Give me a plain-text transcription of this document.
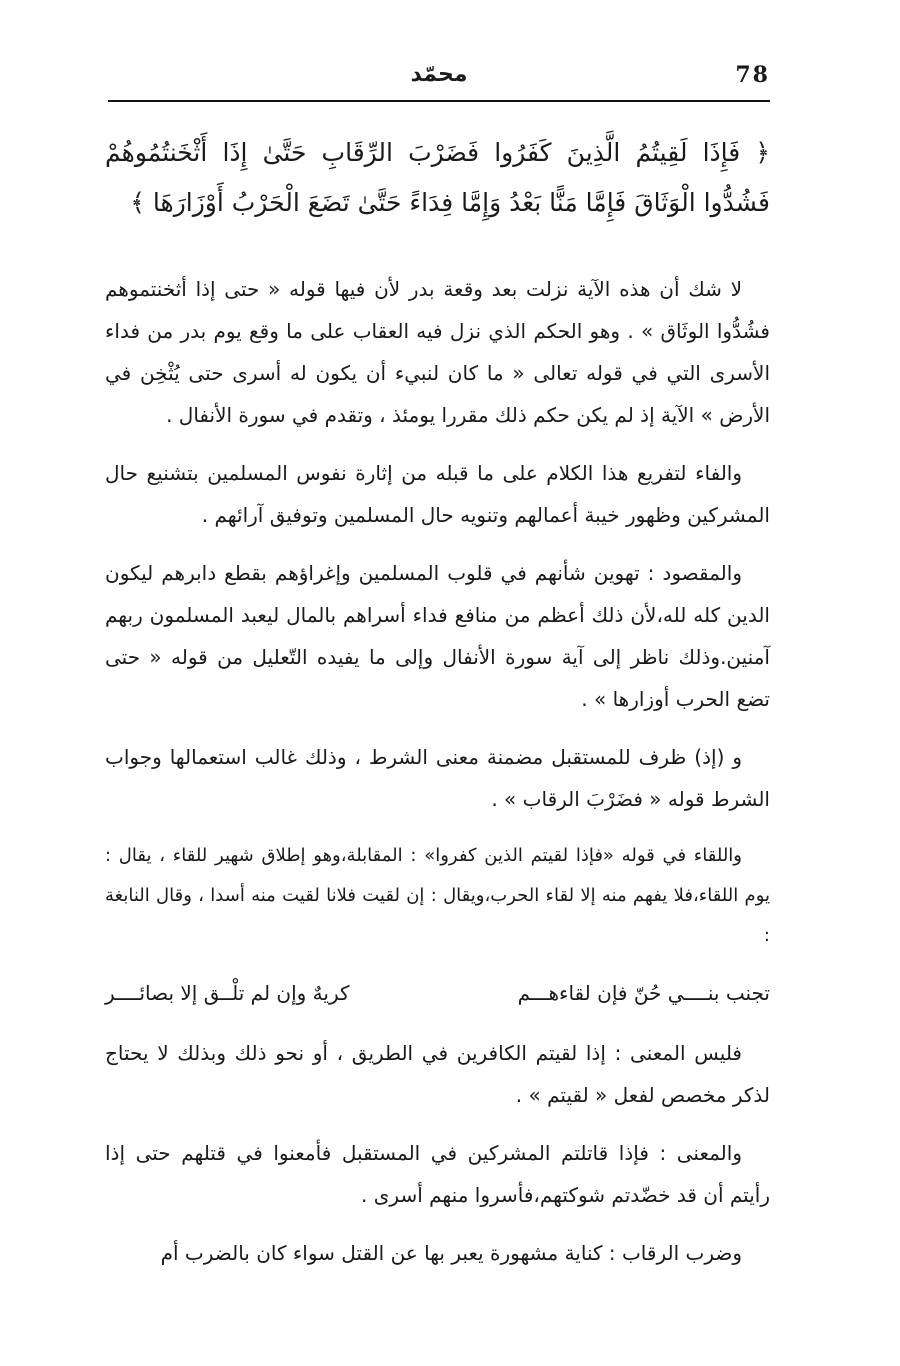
78
محمّد

﴿ فَإِذَا لَقِيتُمُ الَّذِينَ كَفَرُوا فَضَرْبَ الرِّقَابِ حَتَّىٰ إِذَا أَثْخَنتُمُوهُمْ فَشُدُّوا الْوَثَاقَ فَإِمَّا مَنًّا بَعْدُ وَإِمَّا فِدَاءً حَتَّىٰ تَضَعَ الْحَرْبُ أَوْزَارَهَا ﴾

لا شك أن هذه الآية نزلت بعد وقعة بدر لأن فيها قوله « حتى إذا أثخنتموهم فشُدُّوا الوثَاق » . وهو الحكم الذي نزل فيه العقاب على ما وقع يوم بدر من فداء الأسرى التي في قوله تعالى « ما كان لنبيء أن يكون له أسرى حتى يُثْخِن في الأرض » الآية إذ لم يكن حكم ذلك مقررا يومئذ ، وتقدم في سورة الأنفال .

والفاء لتفريع هذا الكلام على ما قبله من إثارة نفوس المسلمين بتشنيع حال المشركين وظهور خيبة أعمالهم وتنويه حال المسلمين وتوفيق آرائهم .

والمقصود : تهوين شأنهم في قلوب المسلمين وإغراؤهم بقطع دابرهم ليكون الدين كله لله،لأن ذلك أعظم من منافع فداء أسراهم بالمال ليعبد المسلمون ربهم آمنين.وذلك ناظر إلى آية سورة الأنفال وإلى ما يفيده التّعليل من قوله « حتى تضع الحرب أوزارها » .

و (إذ) ظرف للمستقبل مضمنة معنى الشرط ، وذلك غالب استعمالها وجواب الشرط قوله « فضَرْبَ الرقاب » .

واللقاء في قوله «فإذا لقيتم الذين كفروا» : المقابلة،وهو إطلاق شهير للقاء ، يقال : يوم اللقاء،فلا يفهم منه إلا لقاء الحرب،ويقال : إن لقيت فلانا لقيت منه أسدا ، وقال النابغة :

تجنب بنــــي حُنّ فإن لقاءهـــم
كريهٌ وإن لم تلْــق إلا بصائــــر

فليس المعنى : إذا لقيتم الكافرين في الطريق ، أو نحو ذلك وبذلك لا يحتاج لذكر مخصص لفعل « لقيتم » .

والمعنى : فإذا قاتلتم المشركين في المستقبل فأمعنوا في قتلهم حتى إذا رأيتم أن قد خضّدتم شوكتهم،فأسروا منهم أسرى .

وضرب الرقاب : كناية مشهورة يعبر بها عن القتل سواء كان بالضرب أم
